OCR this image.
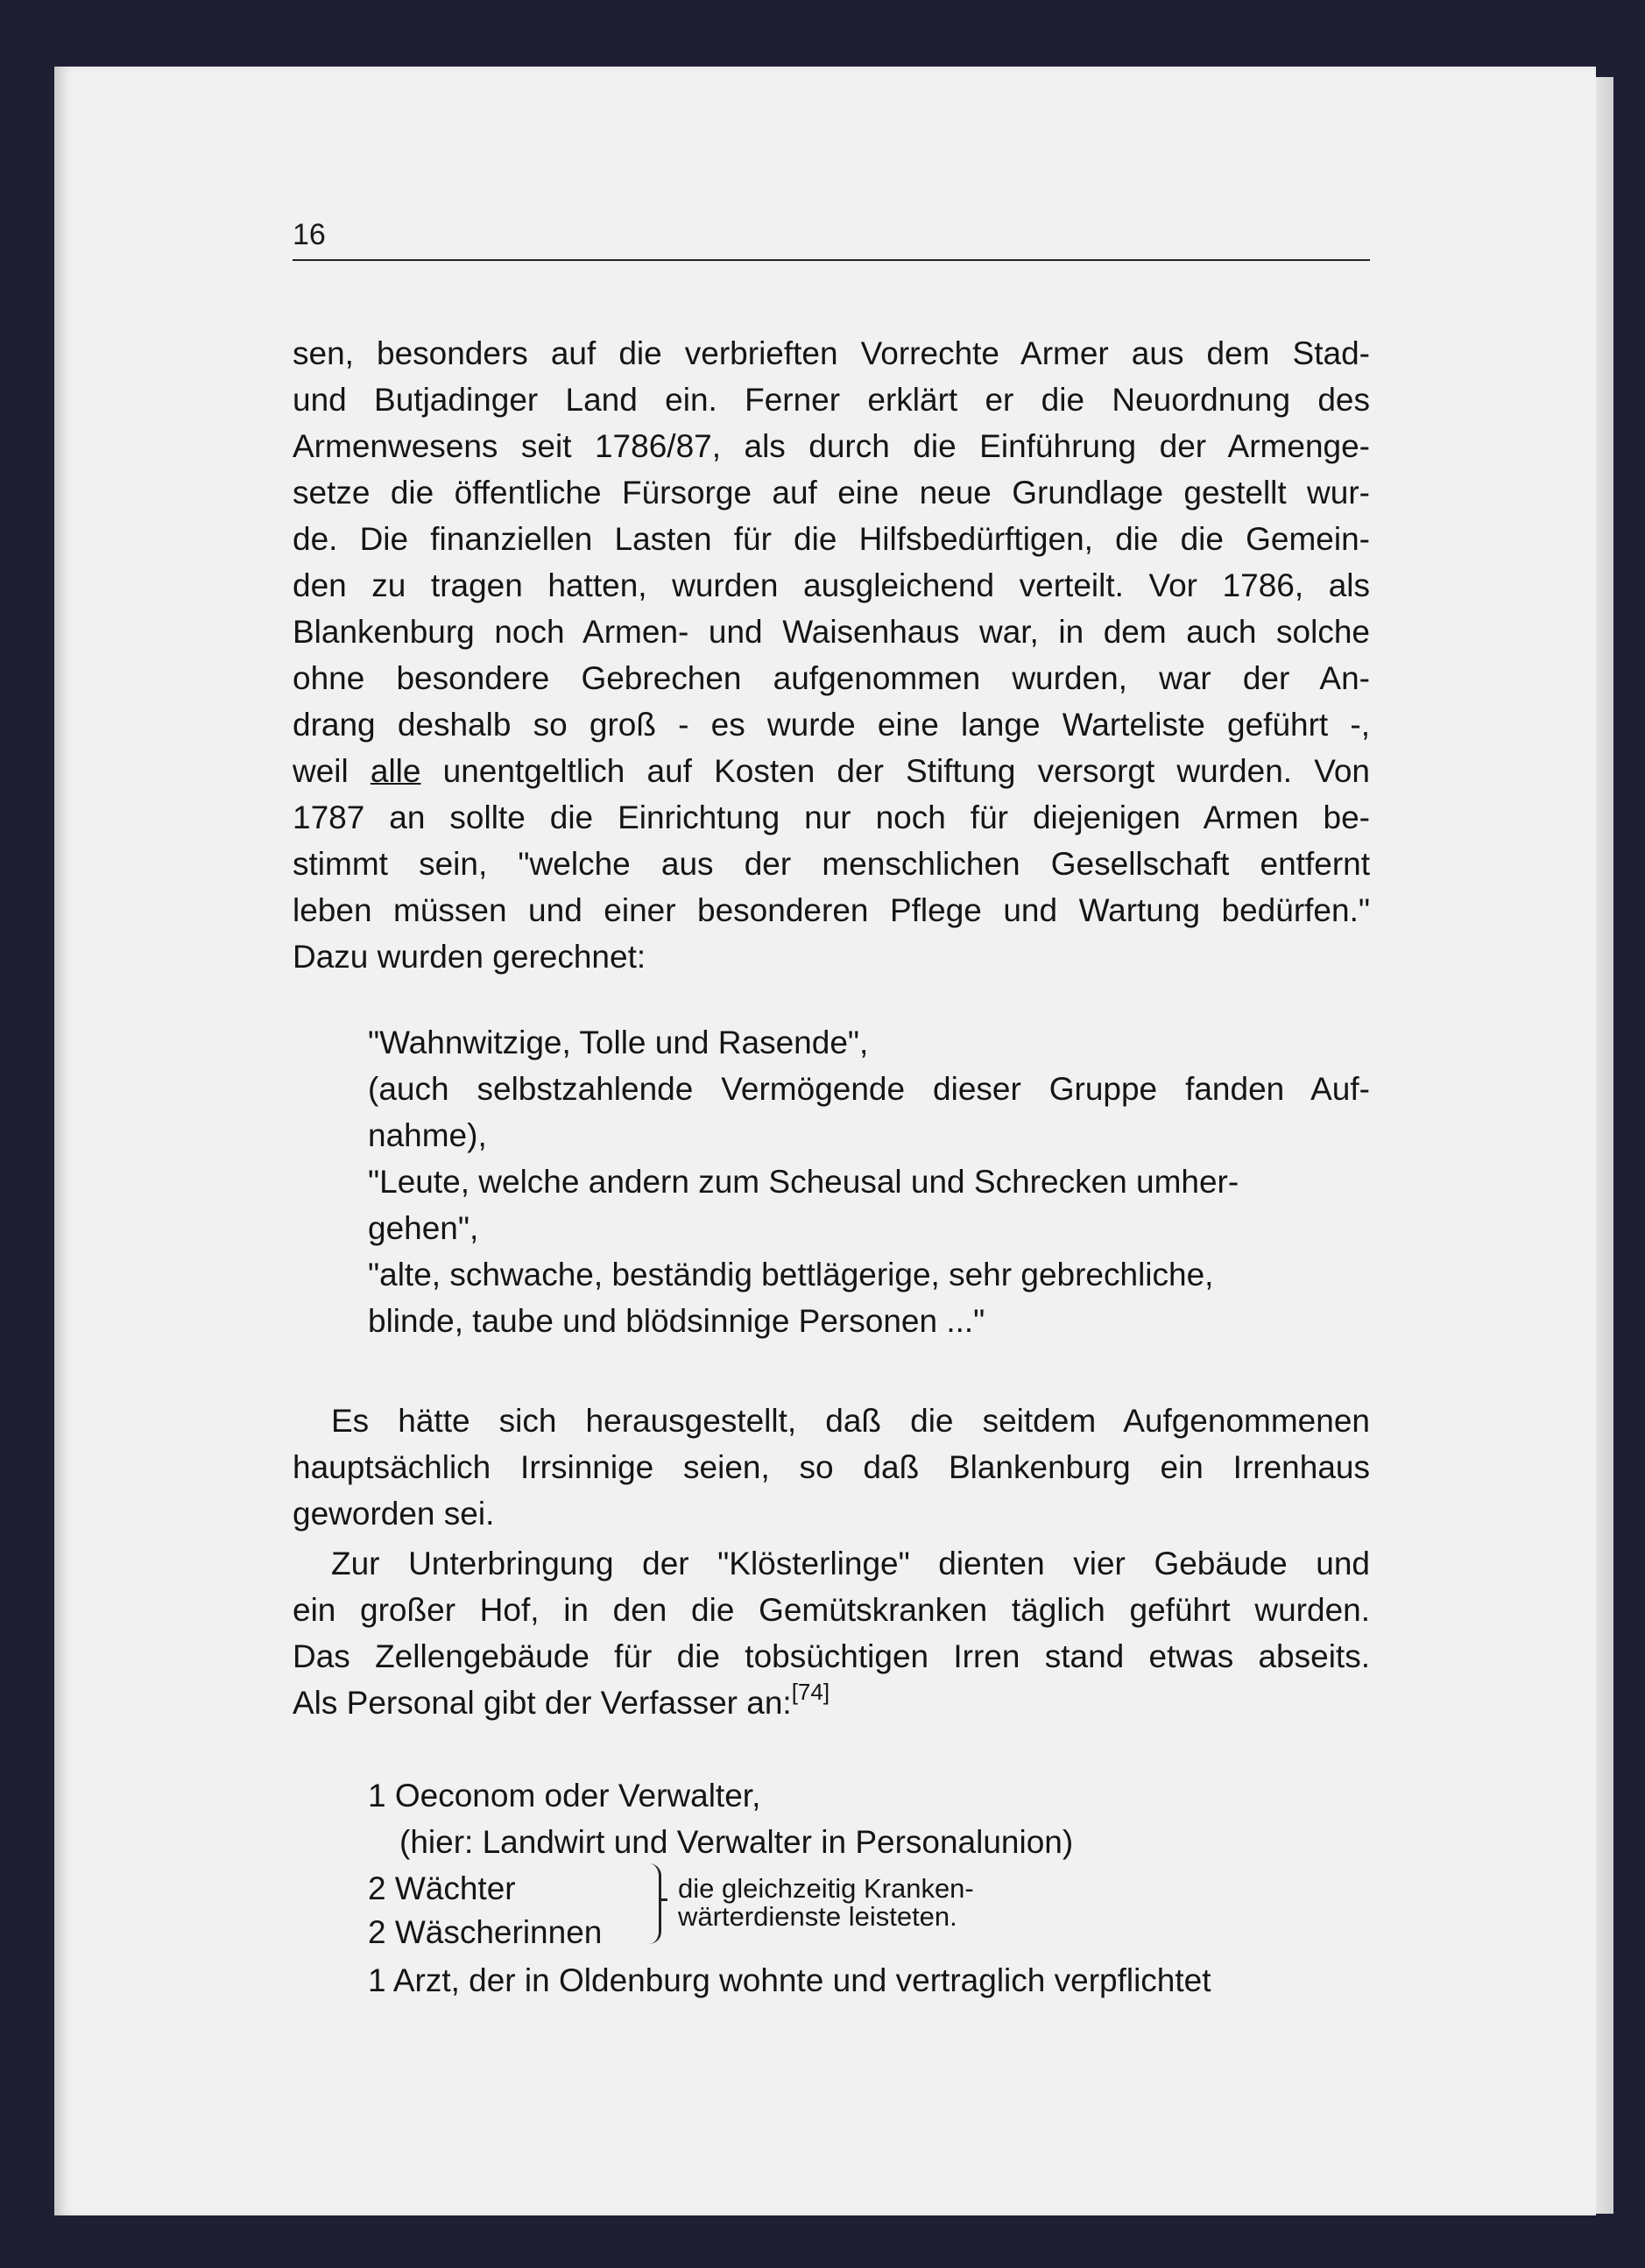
16
sen, besonders auf die verbrieften Vorrechte Armer aus dem Stad-
und Butjadinger Land ein. Ferner erklärt er die Neuordnung des
Armenwesens seit 1786/87, als durch die Einführung der Armenge-
setze die öffentliche Fürsorge auf eine neue Grundlage gestellt wur-
de. Die finanziellen Lasten für die Hilfsbedürftigen, die die Gemein-
den zu tragen hatten, wurden ausgleichend verteilt. Vor 1786, als
Blankenburg noch Armen- und Waisenhaus war, in dem auch solche
ohne besondere Gebrechen aufgenommen wurden, war der An-
drang deshalb so groß - es wurde eine lange Warteliste geführt -,
weil alle unentgeltlich auf Kosten der Stiftung versorgt wurden. Von
1787 an sollte die Einrichtung nur noch für diejenigen Armen be-
stimmt sein, "welche aus der menschlichen Gesellschaft entfernt
leben müssen und einer besonderen Pflege und Wartung bedürfen."
Dazu wurden gerechnet:
"Wahnwitzige, Tolle und Rasende",
(auch selbstzahlende Vermögende dieser Gruppe fanden Auf-
nahme),
"Leute, welche andern zum Scheusal und Schrecken umher-
gehen",
"alte, schwache, beständig bettlägerige, sehr gebrechliche,
blinde, taube und blödsinnige Personen ..."
Es hätte sich herausgestellt, daß die seitdem Aufgenommenen
hauptsächlich Irrsinnige seien, so daß Blankenburg ein Irrenhaus
geworden sei.
Zur Unterbringung der "Klösterlinge" dienten vier Gebäude und
ein großer Hof, in den die Gemütskranken täglich geführt wurden.
Das Zellengebäude für die tobsüchtigen Irren stand etwas abseits.
Als Personal gibt der Verfasser an:[74]
1 Oeconom oder Verwalter,
(hier: Landwirt und Verwalter in Personalunion)
2 Wächter
2 Wäscherinnen
die gleichzeitig Kranken-
wärterdienste leisteten.
1 Arzt, der in Oldenburg wohnte und vertraglich verpflichtet
